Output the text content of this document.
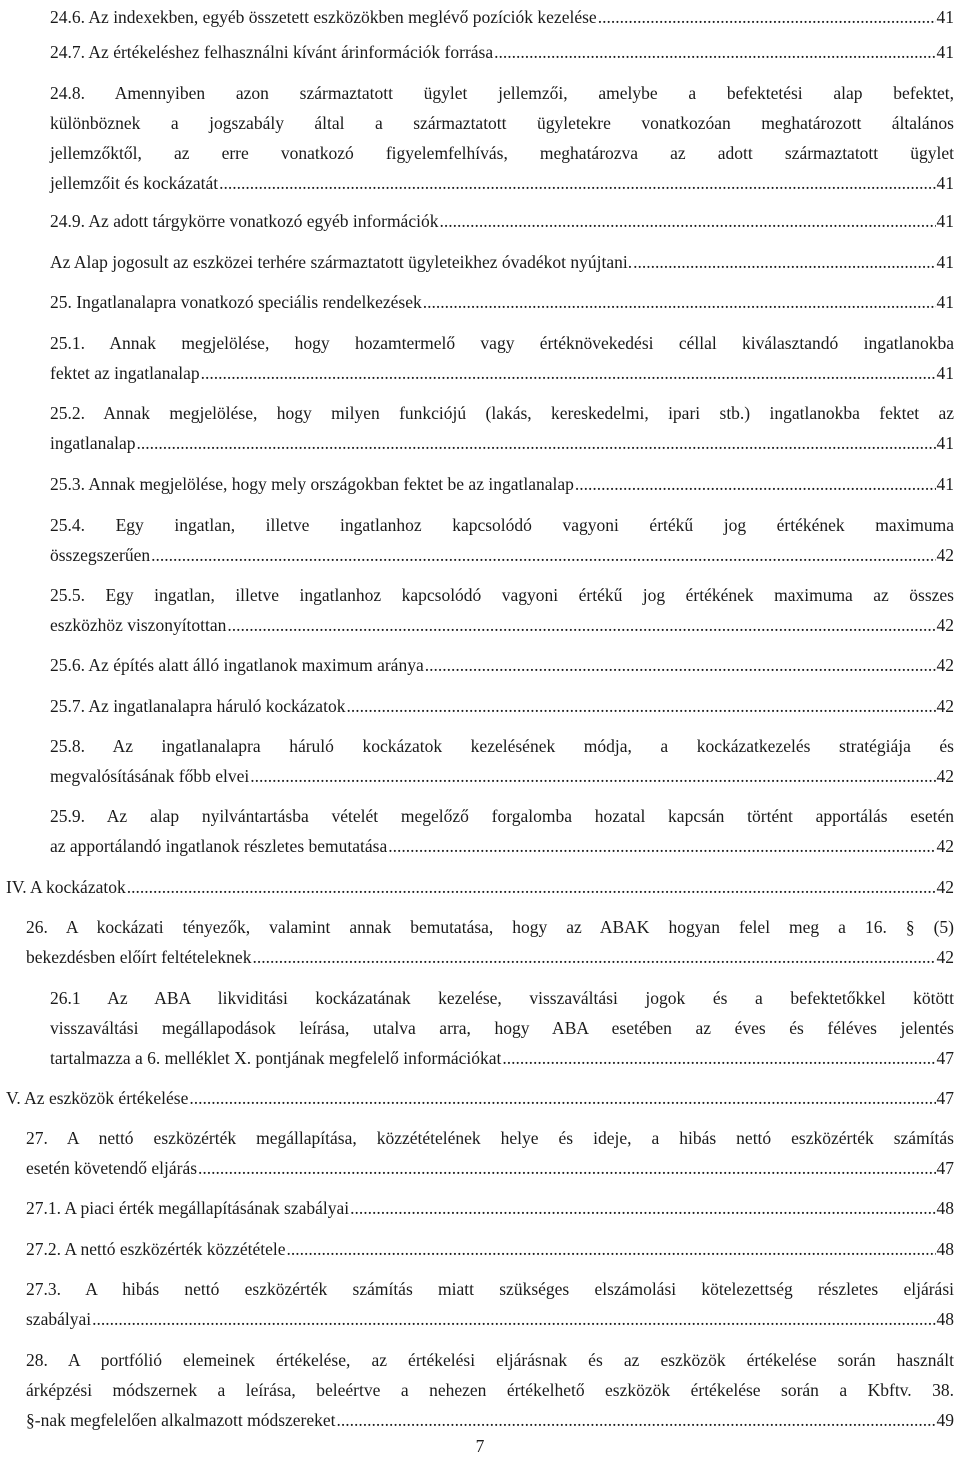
24.6. Az indexekben, egyéb összetett eszközökben meglévő pozíciók kezelése .....	41
24.7. Az értékeléshez felhasználni kívánt árinformációk forrása .....	41
24.8. Amennyiben azon származtatott ügylet jellemzői, amelybe a befektetési alap befektet,
különböznek a jogszabály által a származtatott ügyletekre vonatkozóan meghatározott általános
jellemzőktől, az erre vonatkozó figyelemfelhívás, meghatározva az adott származtatott ügylet
jellemzőit és kockázatát .....	41
24.9. Az adott tárgykörre vonatkozó egyéb információk .....	41
Az Alap jogosult az eszközei terhére származtatott ügyleteikhez óvadékot nyújtani. .....	41
25. Ingatlanalapra vonatkozó speciális rendelkezések .....	41
25.1. Annak megjelölése, hogy hozamtermelő vagy értéknövekedési céllal kiválasztandó ingatlanokba
fektet az ingatlanalap .....	41
25.2. Annak megjelölése, hogy milyen funkciójú (lakás, kereskedelmi, ipari stb.) ingatlanokba fektet az
ingatlanalap .....	41
25.3. Annak megjelölése, hogy mely országokban fektet be az ingatlanalap .....	41
25.4. Egy ingatlan, illetve ingatlanhoz kapcsolódó vagyoni értékű jog értékének maximuma
összegszerűen .....	42
25.5. Egy ingatlan, illetve ingatlanhoz kapcsolódó vagyoni értékű jog értékének maximuma az összes
eszközhöz viszonyítottan .....	42
25.6. Az építés alatt álló ingatlanok maximum aránya .....	42
25.7. Az ingatlanalapra háruló kockázatok .....	42
25.8. Az ingatlanalapra háruló kockázatok kezelésének módja, a kockázatkezelés stratégiája és
megvalósításának főbb elvei .....	42
25.9. Az alap nyilvántartásba vételét megelőző forgalomba hozatal kapcsán történt apportálás esetén
az apportálandó ingatlanok részletes bemutatása .....	42
IV. A kockázatok .....	42
26. A kockázati tényezők, valamint annak bemutatása, hogy az ABAK hogyan felel meg a 16. § (5)
bekezdésben előírt feltételeknek .....	42
26.1 Az ABA likviditási kockázatának kezelése, visszaváltási jogok és a befektetőkkel kötött
visszaváltási megállapodások leírása, utalva arra, hogy ABA esetében az éves és féléves jelentés
tartalmazza a 6. melléklet X. pontjának megfelelő információkat .....	47
V. Az eszközök értékelése .....	47
27. A nettó eszközérték megállapítása, közzétételének helye és ideje, a hibás nettó eszközérték számítás
esetén követendő eljárás .....	47
27.1. A piaci érték megállapításának szabályai .....	48
27.2. A nettó eszközérték közzététele .....	48
27.3. A hibás nettó eszközérték számítás miatt szükséges elszámolási kötelezettség részletes eljárási
szabályai .....	48
28. A portfólió elemeinek értékelése, az értékelési eljárásnak és az eszközök értékelése során használt
árképzési módszernek a leírása, beleértve a nehezen értékelhető eszközök értékelése során a Kbftv. 38.
§-nak megfelelően alkalmazott módszereket .....	49
7
